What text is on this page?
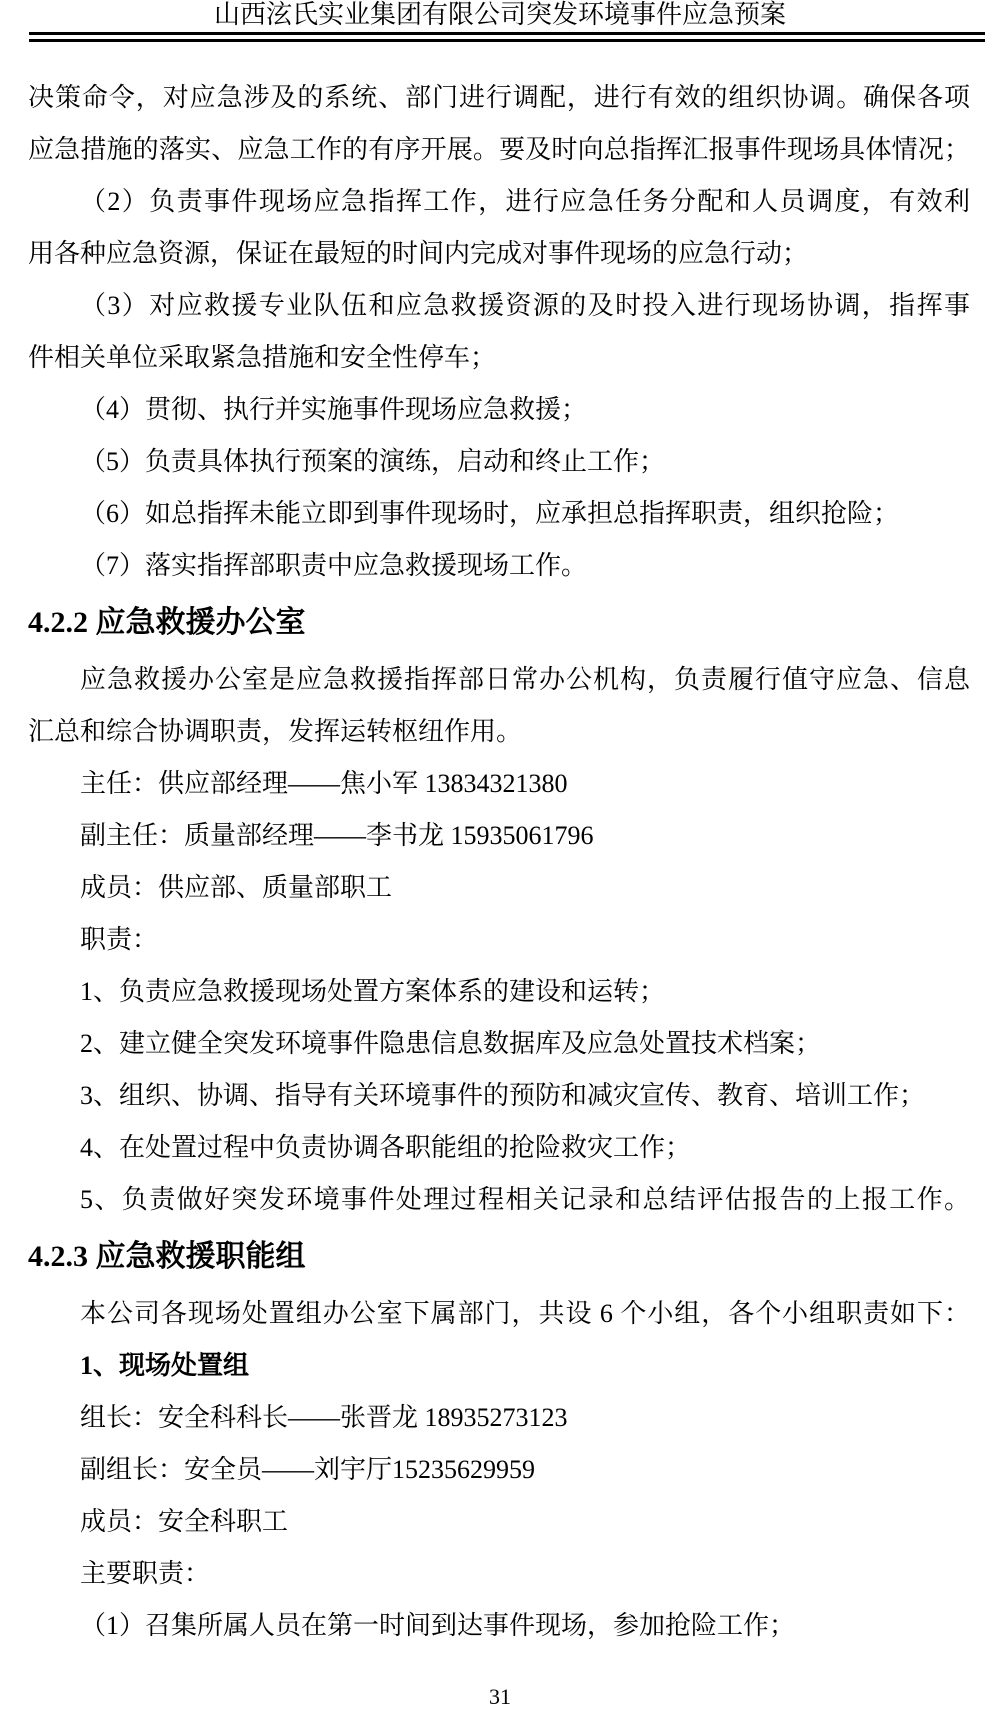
山西泫氏实业集团有限公司突发环境事件应急预案
决策命令，对应急涉及的系统、部门进行调配，进行有效的组织协调。确保各项
应急措施的落实、应急工作的有序开展。要及时向总指挥汇报事件现场具体情况；
（2）负责事件现场应急指挥工作，进行应急任务分配和人员调度，有效利
用各种应急资源，保证在最短的时间内完成对事件现场的应急行动；
（3）对应救援专业队伍和应急救援资源的及时投入进行现场协调，指挥事
件相关单位采取紧急措施和安全性停车；
（4）贯彻、执行并实施事件现场应急救援；
（5）负责具体执行预案的演练，启动和终止工作；
（6）如总指挥未能立即到事件现场时，应承担总指挥职责，组织抢险；
（7）落实指挥部职责中应急救援现场工作。
4.2.2 应急救援办公室
应急救援办公室是应急救援指挥部日常办公机构，负责履行值守应急、信息
汇总和综合协调职责，发挥运转枢纽作用。
主任：供应部经理——焦小军 13834321380
副主任：质量部经理——李书龙 15935061796
成员：供应部、质量部职工
职责：
1、负责应急救援现场处置方案体系的建设和运转；
2、建立健全突发环境事件隐患信息数据库及应急处置技术档案；
3、组织、协调、指导有关环境事件的预防和减灾宣传、教育、培训工作；
4、在处置过程中负责协调各职能组的抢险救灾工作；
5、负责做好突发环境事件处理过程相关记录和总结评估报告的上报工作。
4.2.3 应急救援职能组
本公司各现场处置组办公室下属部门，共设 6 个小组，各个小组职责如下：
1、现场处置组
组长：安全科科长——张晋龙 18935273123
副组长：安全员——刘宇厅15235629959
成员：安全科职工
主要职责：
（1）召集所属人员在第一时间到达事件现场，参加抢险工作；
31
